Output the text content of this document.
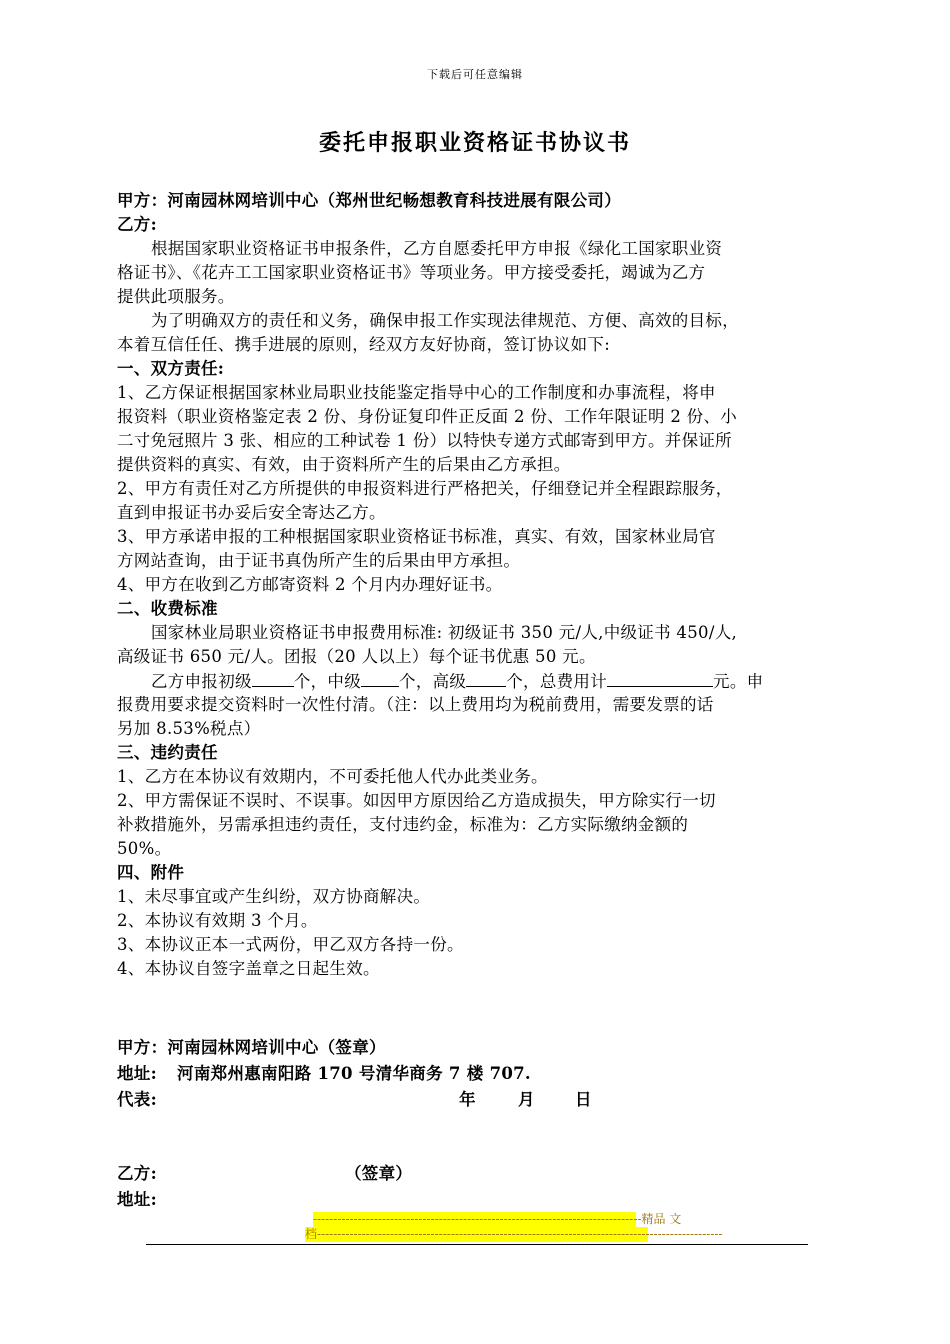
下载后可任意编辑
委托申报职业资格证书协议书
甲方：河南园林网培训中心（郑州世纪畅想教育科技进展有限公司）
乙方:
根据国家职业资格证书申报条件，乙方自愿委托甲方申报《绿化工国家职业资
格证书》、《花卉工工国家职业资格证书》等项业务。甲方接受委托，竭诚为乙方
提供此项服务。
为了明确双方的责任和义务，确保申报工作实现法律规范、方便、高效的目标，
本着互信任任、携手进展的原则，经双方友好协商，签订协议如下:
一、双方责任:
1、乙方保证根据国家林业局职业技能鉴定指导中心的工作制度和办事流程，将申
报资料（职业资格鉴定表 2 份、身份证复印件正反面 2 份、工作年限证明 2 份、小
二寸免冠照片 3 张、相应的工种试卷 1 份）以特快专递方式邮寄到甲方。并保证所
提供资料的真实、有效，由于资料所产生的后果由乙方承担。
2、甲方有责任对乙方所提供的申报资料进行严格把关，仔细登记并全程跟踪服务，
直到申报证书办妥后安全寄达乙方。
3、甲方承诺申报的工种根据国家职业资格证书标准，真实、有效，国家林业局官
方网站查询，由于证书真伪所产生的后果由甲方承担。
4、甲方在收到乙方邮寄资料 2 个月内办理好证书。
二、收费标准
国家林业局职业资格证书申报费用标准: 初级证书 350 元/人,中级证书 450/人,
高级证书 650 元/人。团报（20 人以上）每个证书优惠 50 元。
乙方申报初级	个，中级 个，高级 个，总费用计	元。申
报费用要求提交资料时一次性付清。（注：以上费用均为税前费用，需要发票的话
另加 8.53%税点）
三、违约责任
1、乙方在本协议有效期内，不可委托他人代办此类业务。
2、甲方需保证不误时、不误事。如因甲方原因给乙方造成损失，甲方除实行一切
补救措施外，另需承担违约责任，支付违约金，标准为：乙方实际缴纳金额的
50%。
四、附件
1、未尽事宜或产生纠纷，双方协商解决。
2、本协议有效期 3 个月。
3、本协议正本一式两份，甲乙双方各持一份。
4、本协议自签字盖章之日起生效。
甲方：河南园林网培训中心（签章）
地址: 河南郑州惠南阳路 170 号清华商务 7 楼 707.
代表:	年	月 日
乙方:	（签章）
地址:
---------------------------------------------------------------------------------精品 文
档----------------------------------------------------------------------------------------------------
